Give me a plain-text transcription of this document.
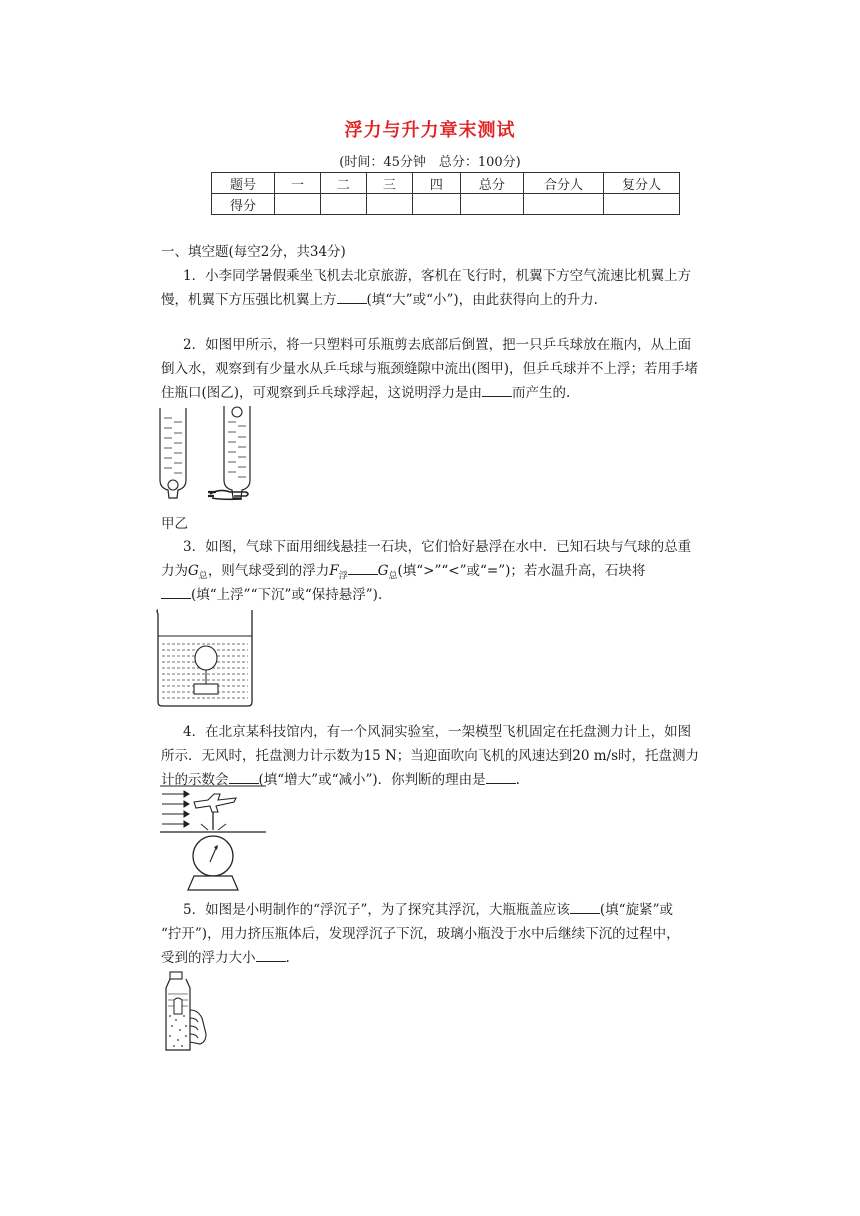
浮力与升力章末测试
(时间：45分钟　总分：100分)
题号	一	二	三	四	总分	合分人	复分人
得分							
一、填空题(每空2分，共34分)
1．小李同学暑假乘坐飞机去北京旅游，客机在飞行时，机翼下方空气流速比机翼上方
慢，机翼下方压强比机翼上方 (填“大”或“小”)，由此获得向上的升力.
2．如图甲所示，将一只塑料可乐瓶剪去底部后倒置，把一只乒乓球放在瓶内，从上面
倒入水，观察到有少量水从乒乓球与瓶颈缝隙中流出(图甲)，但乒乓球并不上浮；若用手堵
住瓶口(图乙)，可观察到乒乓球浮起，这说明浮力是由 而产生的.
甲乙
3．如图，气球下面用细线悬挂一石块，它们恰好悬浮在水中．已知石块与气球的总重
力为$G_总$，则气球受到的浮力$F_浮$ $G_总$(填“>”“<”或“=”)；若水温升高，石块将
(填“上浮”“下沉”或“保持悬浮”).
4．在北京某科技馆内，有一个风洞实验室，一架模型飞机固定在托盘测力计上，如图
所示．无风时，托盘测力计示数为15 N；当迎面吹向飞机的风速达到20 m/s时，托盘测力
计的示数会 (填“增大”或“减小”)．你判断的理由是 .
5．如图是小明制作的“浮沉子”，为了探究其浮沉，大瓶瓶盖应该 (填“旋紧”或
“拧开”)，用力挤压瓶体后，发现浮沉子下沉，玻璃小瓶没于水中后继续下沉的过程中，
受到的浮力大小 .
